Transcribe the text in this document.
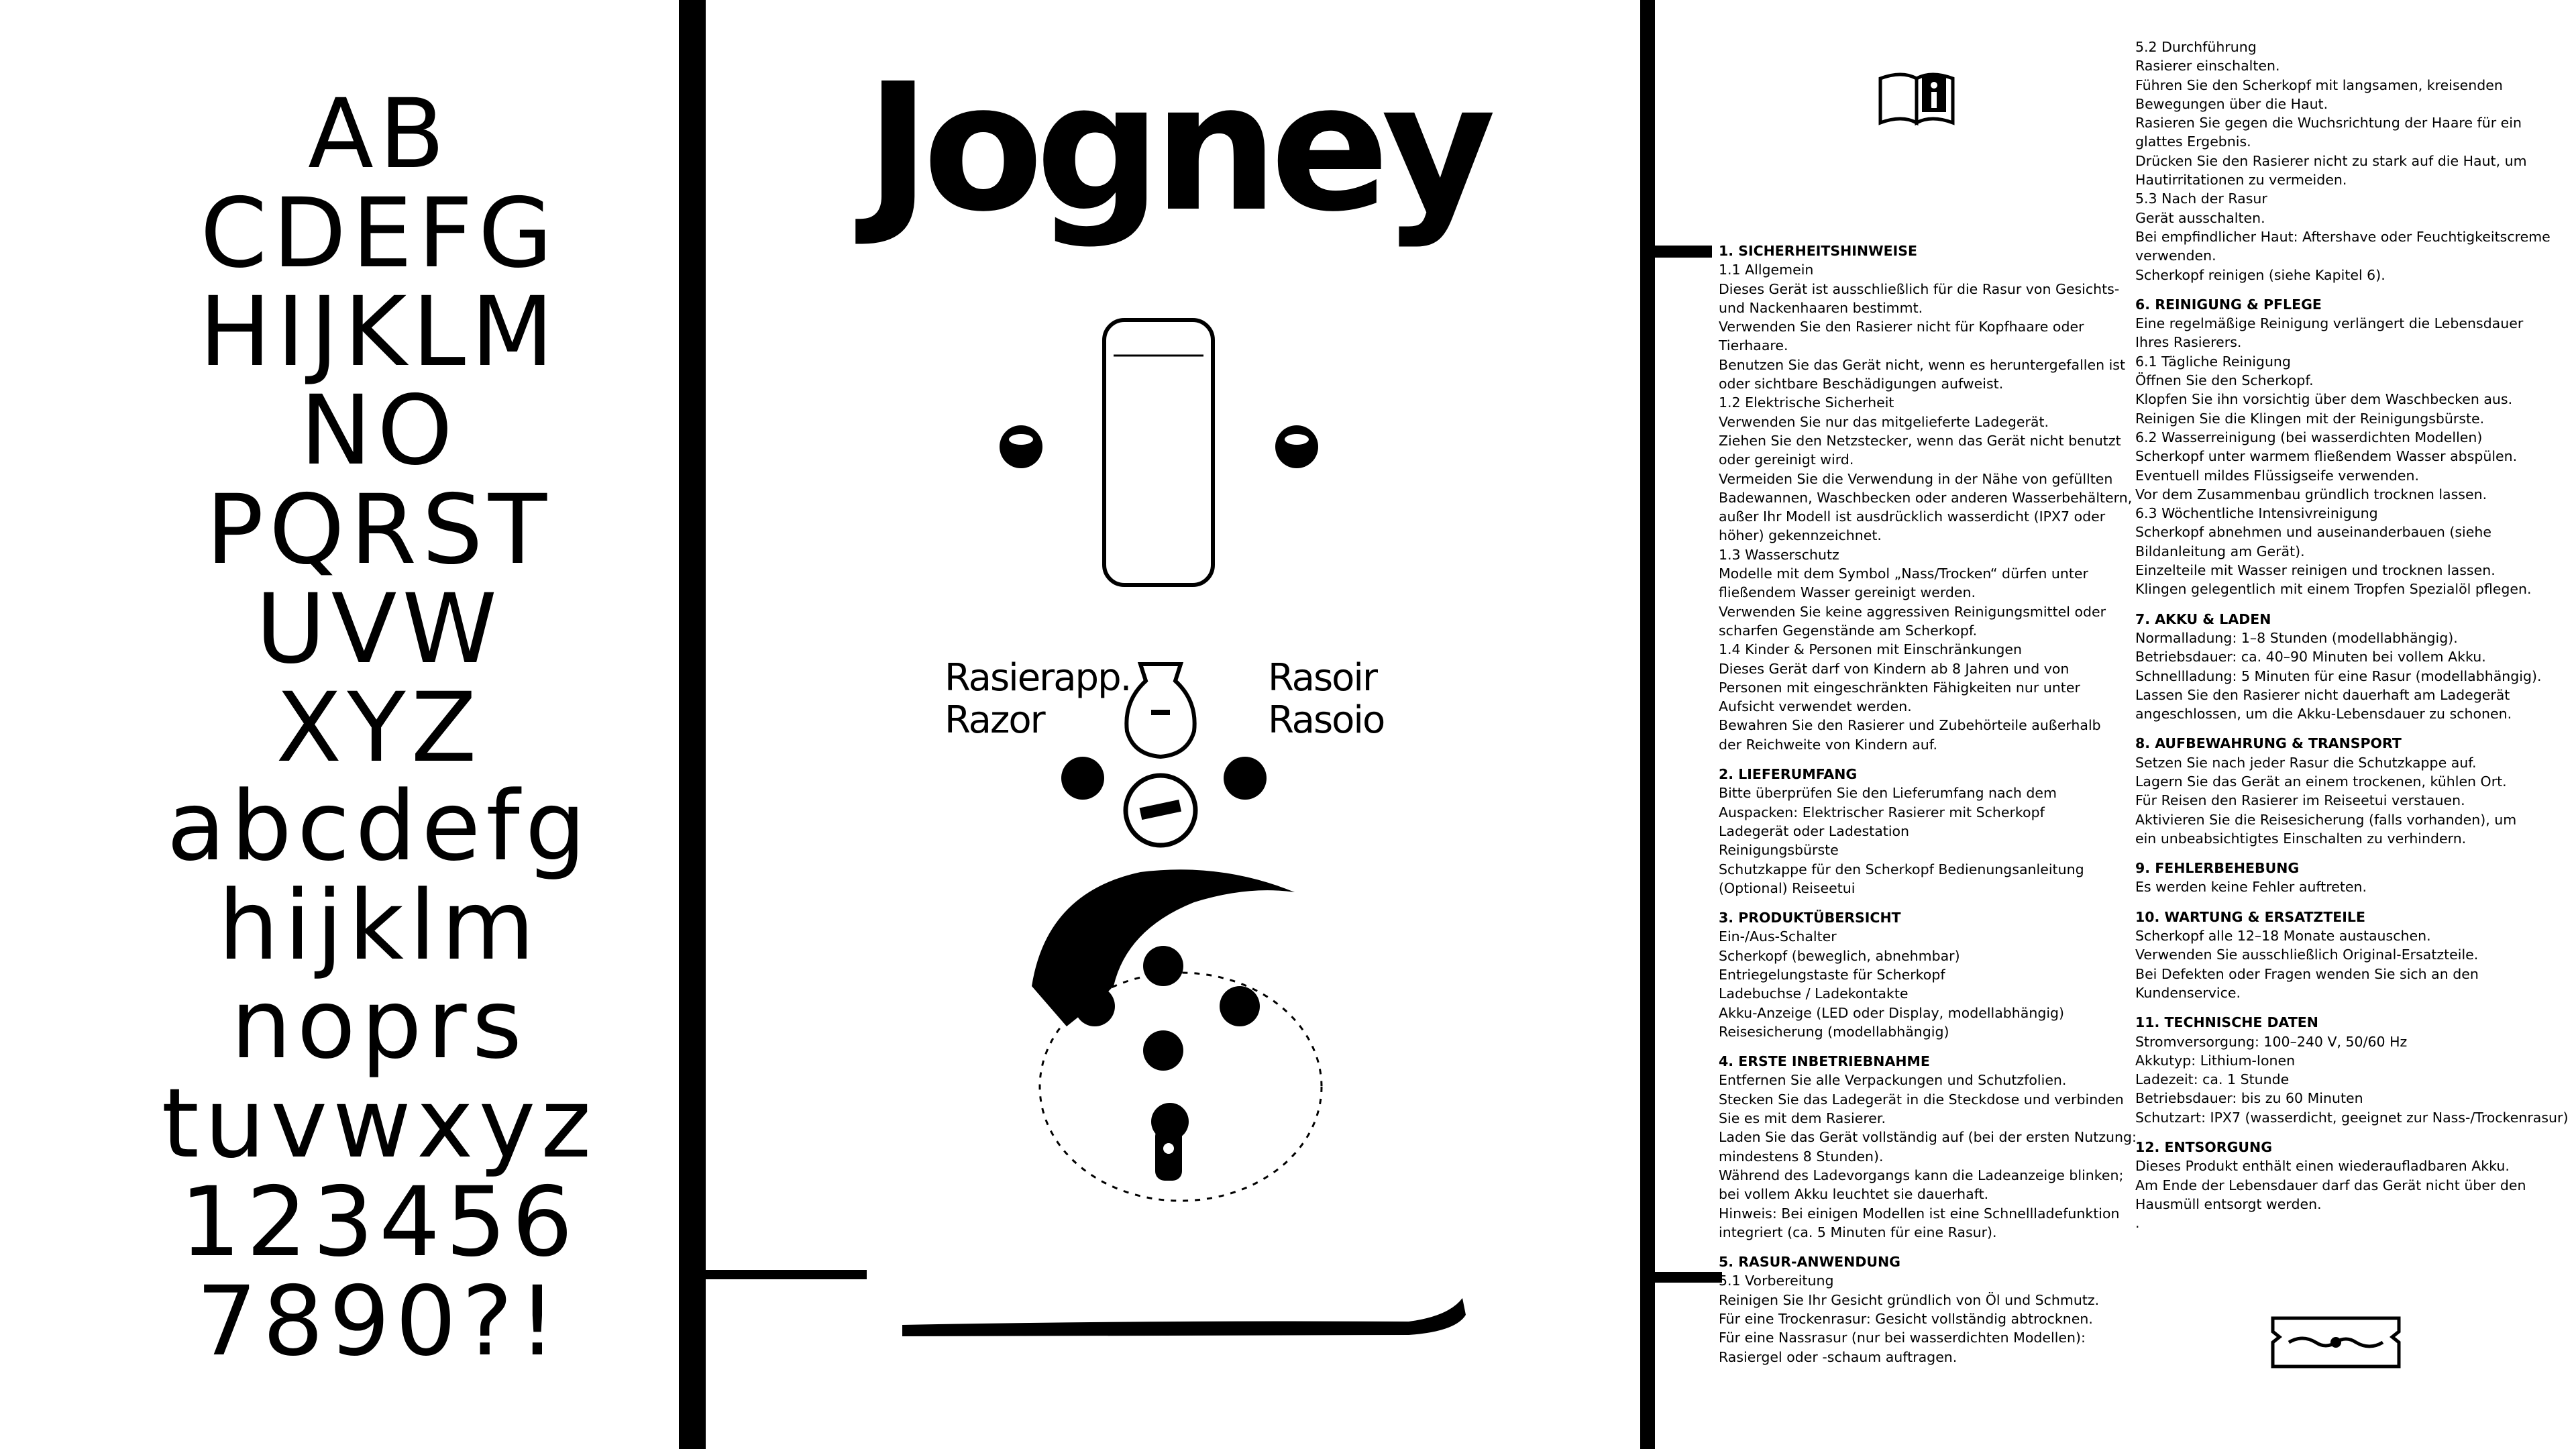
AB
CDEFG
HIJKLM
NO
PQRST
UVW
XYZ
abcdefg
hijklm
noprs
tuvwxyz
123456
7890?!
Jogney
Rasierapp.
Razor
Rasoir
Rasoio
1. SICHERHEITSHINWEISE
1.1 Allgemein
Dieses Gerät ist ausschließlich für die Rasur von Gesichts-
und Nackenhaaren bestimmt.
Verwenden Sie den Rasierer nicht für Kopfhaare oder
Tierhaare.
Benutzen Sie das Gerät nicht, wenn es heruntergefallen ist
oder sichtbare Beschädigungen aufweist.
1.2 Elektrische Sicherheit
Verwenden Sie nur das mitgelieferte Ladegerät.
Ziehen Sie den Netzstecker, wenn das Gerät nicht benutzt
oder gereinigt wird.
Vermeiden Sie die Verwendung in der Nähe von gefüllten
Badewannen, Waschbecken oder anderen Wasserbehältern,
außer Ihr Modell ist ausdrücklich wasserdicht (IPX7 oder
höher) gekennzeichnet.
1.3 Wasserschutz
Modelle mit dem Symbol „Nass/Trocken“ dürfen unter
fließendem Wasser gereinigt werden.
Verwenden Sie keine aggressiven Reinigungsmittel oder
scharfen Gegenstände am Scherkopf.
1.4 Kinder & Personen mit Einschränkungen
Dieses Gerät darf von Kindern ab 8 Jahren und von
Personen mit eingeschränkten Fähigkeiten nur unter
Aufsicht verwendet werden.
Bewahren Sie den Rasierer und Zubehörteile außerhalb
der Reichweite von Kindern auf.
2. LIEFERUMFANG
Bitte überprüfen Sie den Lieferumfang nach dem
Auspacken: Elektrischer Rasierer mit Scherkopf
Ladegerät oder Ladestation
Reinigungsbürste
Schutzkappe für den Scherkopf Bedienungsanleitung
(Optional) Reiseetui
3. PRODUKTÜBERSICHT
Ein-/Aus-Schalter
Scherkopf (beweglich, abnehmbar)
Entriegelungstaste für Scherkopf
Ladebuchse / Ladekontakte
Akku-Anzeige (LED oder Display, modellabhängig)
Reisesicherung (modellabhängig)
4. ERSTE INBETRIEBNAHME
Entfernen Sie alle Verpackungen und Schutzfolien.
Stecken Sie das Ladegerät in die Steckdose und verbinden
Sie es mit dem Rasierer.
Laden Sie das Gerät vollständig auf (bei der ersten Nutzung:
mindestens 8 Stunden).
Während des Ladevorgangs kann die Ladeanzeige blinken;
bei vollem Akku leuchtet sie dauerhaft.
Hinweis: Bei einigen Modellen ist eine Schnellladefunktion
integriert (ca. 5 Minuten für eine Rasur).
5. RASUR-ANWENDUNG
5.1 Vorbereitung
Reinigen Sie Ihr Gesicht gründlich von Öl und Schmutz.
Für eine Trockenrasur: Gesicht vollständig abtrocknen.
Für eine Nassrasur (nur bei wasserdichten Modellen):
Rasiergel oder -schaum auftragen.
5.2 Durchführung
Rasierer einschalten.
Führen Sie den Scherkopf mit langsamen, kreisenden
Bewegungen über die Haut.
Rasieren Sie gegen die Wuchsrichtung der Haare für ein
glattes Ergebnis.
Drücken Sie den Rasierer nicht zu stark auf die Haut, um
Hautirritationen zu vermeiden.
5.3 Nach der Rasur
Gerät ausschalten.
Bei empfindlicher Haut: Aftershave oder Feuchtigkeitscreme
verwenden.
Scherkopf reinigen (siehe Kapitel 6).
6. REINIGUNG & PFLEGE
Eine regelmäßige Reinigung verlängert die Lebensdauer
Ihres Rasierers.
6.1 Tägliche Reinigung
Öffnen Sie den Scherkopf.
Klopfen Sie ihn vorsichtig über dem Waschbecken aus.
Reinigen Sie die Klingen mit der Reinigungsbürste.
6.2 Wasserreinigung (bei wasserdichten Modellen)
Scherkopf unter warmem fließendem Wasser abspülen.
Eventuell mildes Flüssigseife verwenden.
Vor dem Zusammenbau gründlich trocknen lassen.
6.3 Wöchentliche Intensivreinigung
Scherkopf abnehmen und auseinanderbauen (siehe
Bildanleitung am Gerät).
Einzelteile mit Wasser reinigen und trocknen lassen.
Klingen gelegentlich mit einem Tropfen Spezialöl pflegen.
7. AKKU & LADEN
Normalladung: 1–8 Stunden (modellabhängig).
Betriebsdauer: ca. 40–90 Minuten bei vollem Akku.
Schnellladung: 5 Minuten für eine Rasur (modellabhängig).
Lassen Sie den Rasierer nicht dauerhaft am Ladegerät
angeschlossen, um die Akku-Lebensdauer zu schonen.
8. AUFBEWAHRUNG & TRANSPORT
Setzen Sie nach jeder Rasur die Schutzkappe auf.
Lagern Sie das Gerät an einem trockenen, kühlen Ort.
Für Reisen den Rasierer im Reiseetui verstauen.
Aktivieren Sie die Reisesicherung (falls vorhanden), um
ein unbeabsichtigtes Einschalten zu verhindern.
9. FEHLERBEHEBUNG
Es werden keine Fehler auftreten.
10. WARTUNG & ERSATZTEILE
Scherkopf alle 12–18 Monate austauschen.
Verwenden Sie ausschließlich Original-Ersatzteile.
Bei Defekten oder Fragen wenden Sie sich an den
Kundenservice.
11. TECHNISCHE DATEN
Stromversorgung: 100–240 V, 50/60 Hz
Akkutyp: Lithium-Ionen
Ladezeit: ca. 1 Stunde
Betriebsdauer: bis zu 60 Minuten
Schutzart: IPX7 (wasserdicht, geeignet zur Nass-/Trockenrasur)
12. ENTSORGUNG
Dieses Produkt enthält einen wiederaufladbaren Akku.
Am Ende der Lebensdauer darf das Gerät nicht über den
Hausmüll entsorgt werden.
.
